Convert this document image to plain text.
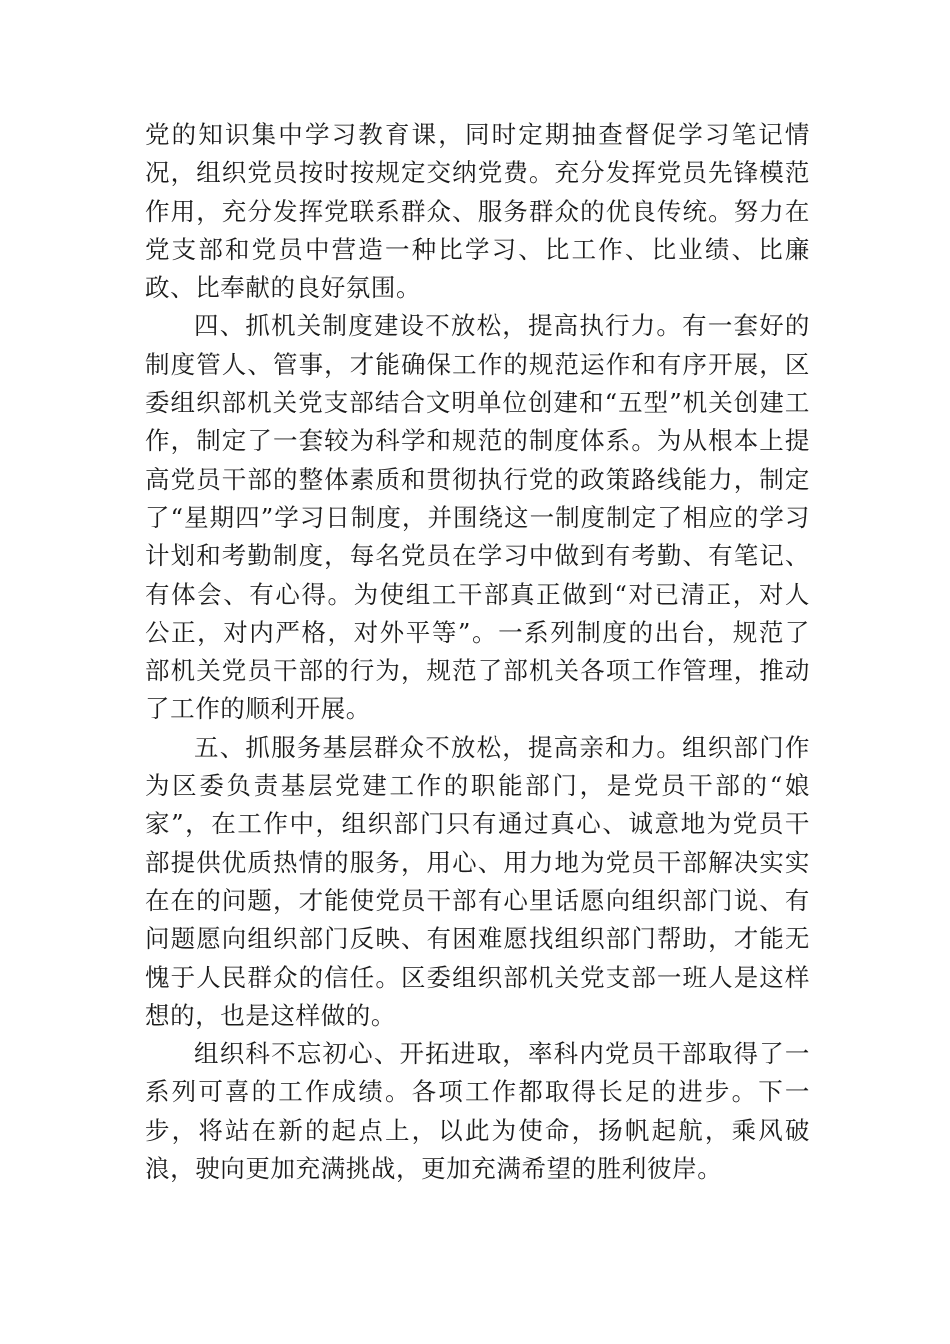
党的知识集中学习教育课，同时定期抽查督促学习笔记情况，组织党员按时按规定交纳党费。充分发挥党员先锋模范作用，充分发挥党联系群众、服务群众的优良传统。努力在党支部和党员中营造一种比学习、比工作、比业绩、比廉政、比奉献的良好氛围。

四、抓机关制度建设不放松，提高执行力。有一套好的制度管人、管事，才能确保工作的规范运作和有序开展，区委组织部机关党支部结合文明单位创建和“五型”机关创建工作，制定了一套较为科学和规范的制度体系。为从根本上提高党员干部的整体素质和贯彻执行党的政策路线能力，制定了“星期四”学习日制度，并围绕这一制度制定了相应的学习计划和考勤制度，每名党员在学习中做到有考勤、有笔记、有体会、有心得。为使组工干部真正做到“对已清正，对人公正，对内严格，对外平等”。一系列制度的出台，规范了部机关党员干部的行为，规范了部机关各项工作管理，推动了工作的顺利开展。

五、抓服务基层群众不放松，提高亲和力。组织部门作为区委负责基层党建工作的职能部门，是党员干部的“娘家”，在工作中，组织部门只有通过真心、诚意地为党员干部提供优质热情的服务，用心、用力地为党员干部解决实实在在的问题，才能使党员干部有心里话愿向组织部门说、有问题愿向组织部门反映、有困难愿找组织部门帮助，才能无愧于人民群众的信任。区委组织部机关党支部一班人是这样想的，也是这样做的。

组织科不忘初心、开拓进取，率科内党员干部取得了一系列可喜的工作成绩。各项工作都取得长足的进步。下一步，将站在新的起点上，以此为使命，扬帆起航，乘风破浪，驶向更加充满挑战，更加充满希望的胜利彼岸。
